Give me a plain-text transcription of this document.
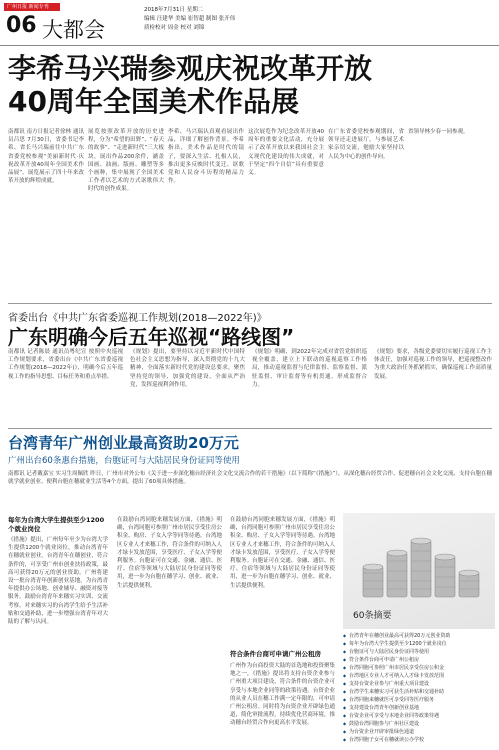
广州日报 新闻专刊
06 大都会
2018年7月31日 星期二
编辑 汪建华 美编 崔智超 制图 张开伟
质检校对 周金 校对 刘锦
李希马兴瑞参观庆祝改革开放
40周年全国美术作品展
南都讯 南方日报记者徐林 通讯员吕思 7月30日，省委书记李希、省长马兴瑞前往中共广东省委党校参观“美丽新时代·庆祝改革开放40周年全国美术作品展”。展览展示了四十年来改革开放的辉煌成就。
展览按照改革开放的历史进程，分为“希望的田野”、“春天的故事”、“走进新时代”三大板块，展出作品200余件，涵盖国画、油画、版画、雕塑等多个画种，集中展现了全国美术工作者以艺术的方式讴歌伟大时代的创作成果。
李希、马兴瑞认真观看展出作品，详细了解创作背景。李希指出，美术作品是时代的镜子，要深入生活、扎根人民，推出更多反映时代变迁、讴歌党和人民奋斗历程的精品力作。
这次展览作为纪念改革开放40周年的重要文化活动，充分展示了改革开放以来我国社会主义现代化建设的伟大成就，对于坚定“四个自信”具有重要意义。
在广东省委党校参观期间，省领导还走进展厅，与参展艺术家亲切交流，勉励大家坚持以人民为中心的创作导向。
省领导林少春一同参观。
省委出台《中共广东省委巡视工作规划(2018—2022年)》
广东明确今后五年巡视“路线图”
南都讯 记者陈晨 通讯员粤纪宣 按照中央巡视工作规划要求，省委出台《中共广东省委巡视工作规划(2018—2022年)》，明确今后五年巡视工作的指导思想、目标任务和重点举措。
《规划》提出，要坚持以习近平新时代中国特色社会主义思想为指导，深入贯彻党的十九大精神，全面落实新时代党的建设总要求，聚焦坚持党的领导、加强党的建设、全面从严治党，发挥巡视利剑作用。
《规划》明确，到2022年完成对省管党组织巡视全覆盖，建立上下联动的巡视巡察工作格局，推动巡视监督与纪律监督、监察监督、派驻监督、审计监督等有机贯通，形成监督合力。
《规划》要求，各级党委要切实履行巡视工作主体责任，加强对巡视工作的领导，把巡视整改作为重大政治任务抓紧抓实，确保巡视工作高质量发展。
台湾青年广州创业最高资助20万元
广州出台60条惠台措施，台胞证可与大陆居民身份证同等使用
南都讯 记者戴嘉宝 实习生周佩欣 昨日，广州市对外公布《关于进一步深化穗台经济社会文化交流合作的若干措施》（以下简称“《措施》”），从深化穗台经贸合作、促进穗台社会文化交流、支持台胞在穗就学就业创业、便利台胞在穗就业生活等4个方面，提出了60项具体措施。
每年为台湾大学生提供至少1200个就业岗位
《措施》提出，广州每年至少为台湾大学生提供1200个就业岗位，推动台湾青年在穗就业创业。台湾青年在穗创业，符合条件的，可享受广州市创业扶持政策，最高可获得20万元的创业资助。广州将建设一批台湾青年创新创业基地，为台湾青年提供办公场地、创业辅导、融资对接等服务，鼓励台湾青年来穗实习实训、交流考察，对来穗实习的台湾学生给予生活补贴和交通补助，进一步增强台湾青年对大陆的了解与认同。
在鼓励台湾同胞来穗发展方面，《措施》明确，台湾同胞可参照广州市居民享受住房公积金、购房、子女入学等同等待遇。台湾地区专业人才来穗工作，符合条件的可纳入人才绿卡发放范围，享受医疗、子女入学等便利服务。台胞证可在交通、金融、通信、医疗、住宿等领域与大陆居民身份证同等使用，进一步为台胞在穗学习、创业、就业、生活提供便利。
符合条件台商可申请广州公租房
在鼓励台湾同胞来穗发展方面，《措施》明确，台湾同胞可参照广州市居民享受住房公积金、购房、子女入学等同等待遇。台湾地区专业人才来穗工作，符合条件的可纳入人才绿卡发放范围，享受医疗、子女入学等便利服务。台胞证可在交通、金融、通信、医疗、住宿等领域与大陆居民身份证同等使用，进一步为台胞在穗学习、创业、就业、生活提供便利。
广州作为台商投资大陆的首选地和投资聚集地之一，《措施》提出将支持台资企业参与广州重大项目建设，符合条件的台资企业可享受与本地企业同等的政策待遇。台资企业的从业人员在穗工作满一定年限的，可申请广州公租房。同时将为台资企业开辟绿色通道，简化审批流程，持续优化营商环境，推动穗台经贸合作向更高水平发展。
60条摘要
◆ 台湾青年在穗创业最高可获得20万元创业资助
◆ 每年为台湾大学生提供至少1200个就业岗位
◆ 台胞证可与大陆居民身份证同等使用
◆ 符合条件台商可申请广州公租房
◆ 台湾同胞可参照广州市居民享受住房公积金
◆ 台湾地区专业人才可纳入人才绿卡发放范围
◆ 支持台资企业参与广州重大项目建设
◆ 台湾学生来穗实习可获生活补贴和交通补助
◆ 台湾同胞来穗就医可享受同等医疗服务
◆ 支持建设台湾青年创新创业基地
◆ 台资企业可享受与本地企业同等政策待遇
◆ 鼓励台湾同胞参与广州社区建设
◆ 为台资企业开辟审批绿色通道
◆ 台湾同胞子女可在穗就读公办学校
